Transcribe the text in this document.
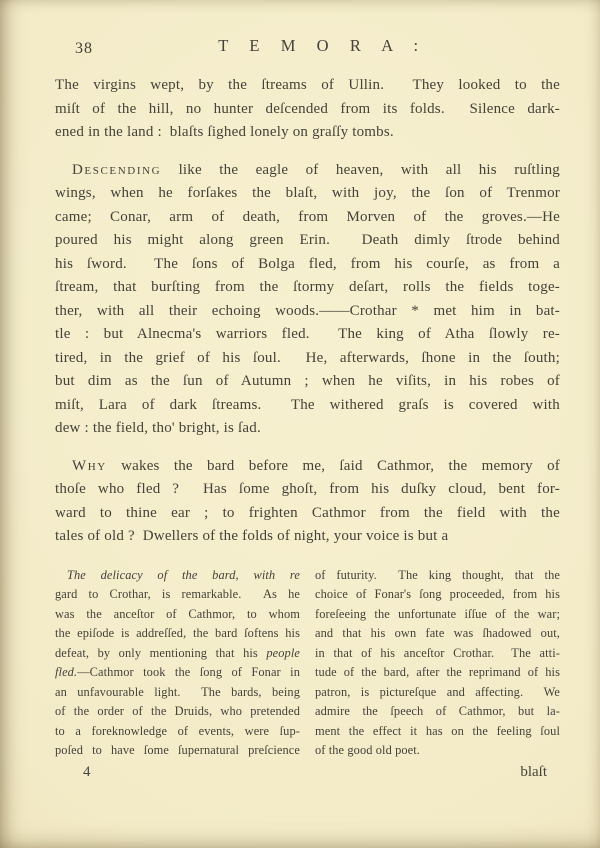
38	T E M O R A :
The virgins wept, by the ſtreams of Ullin.  They looked to the
miſt of the hill, no hunter deſcended from its folds.  Silence dark-
ened in the land :  blaſts ſighed lonely on graſſy tombs.
Descending like the eagle of heaven, with all his ruſtling
wings, when he forſakes the blaſt, with joy, the ſon of Trenmor
came; Conar, arm of death, from Morven of the groves.—He
poured his might along green Erin.  Death dimly ſtrode behind
his ſword.  The ſons of Bolga fled, from his courſe, as from a
ſtream, that burſting from the ſtormy deſart, rolls the fields toge-
ther, with all their echoing woods.——Crothar * met him in bat-
tle : but Alnecma's warriors fled.  The king of Atha ſlowly re-
tired, in the grief of his ſoul.  He, afterwards, ſhone in the ſouth;
but dim as the ſun of Autumn ; when he viſits, in his robes of
miſt, Lara of dark ſtreams.  The withered graſs is covered with
dew : the field, tho' bright, is ſad.
Why wakes the bard before me, ſaid Cathmor, the memory of
thoſe who fled ?  Has ſome ghoſt, from his duſky cloud, bent for-
ward to thine ear ; to frighten Cathmor from the field with the
tales of old ?  Dwellers of the folds of night, your voice is but a
The delicacy of the bard, with re
gard to Crothar, is remarkable.  As he
was the anceſtor of Cathmor, to whom
the epiſode is addreſſed, the bard ſoftens his
defeat, by only mentioning that his people
fled.—Cathmor took the ſong of Fonar in
an unfavourable light.  The bards, being
of the order of the Druids, who pretended
to a foreknowledge of events, were ſup-
poſed to have ſome ſupernatural preſcience
of futurity.  The king thought, that the
choice of Fonar's ſong proceeded, from his
foreſeeing the unfortunate iſſue of the war;
and that his own fate was ſhadowed out,
in that of his anceſtor Crothar.  The atti-
tude of the bard, after the reprimand of his
patron, is pictureſque and affecting.  We
admire the ſpeech of Cathmor, but la-
ment the effect it has on the feeling ſoul
of the good old poet.
4	blaſt
